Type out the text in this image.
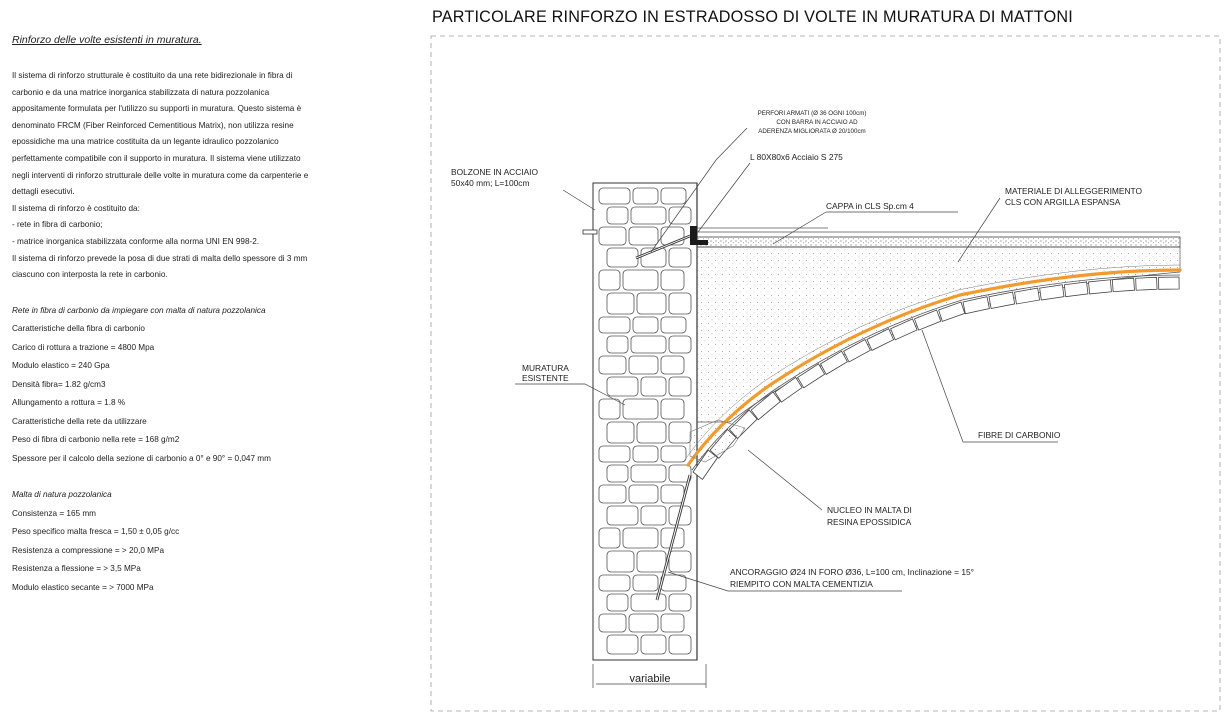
PARTICOLARE RINFORZO IN ESTRADOSSO DI VOLTE IN MURATURA DI MATTONI

Rinforzo delle volte esistenti in muratura.

Il sistema di rinforzo strutturale è costituito da una rete bidirezionale in fibra di

carbonio e da una matrice inorganica stabilizzata di natura pozzolanica

appositamente formulata per l'utilizzo su supporti in muratura. Questo sistema è

denominato FRCM (Fiber Reinforced Cementitious Matrix), non utilizza resine

epossidiche ma una matrice costituita da un legante idraulico pozzolanico

perfettamente compatibile con il supporto in muratura. Il sistema viene utilizzato

negli interventi di rinforzo strutturale delle volte in muratura come da carpenterie e

dettagli esecutivi.

Il sistema di rinforzo è costituito da:

- rete in fibra di carbonio;

- matrice inorganica stabilizzata conforme alla norma UNI EN 998-2.

Il sistema di rinforzo prevede la posa di due strati di malta dello spessore di 3 mm

ciascuno con interposta la rete in carbonio.

Rete in fibra di carbonio da impiegare con malta di natura pozzolanica

Caratteristiche della fibra di carbonio

Carico di rottura a trazione = 4800 Mpa

Modulo elastico = 240 Gpa

Densità fibra= 1.82 g/cm3

Allungamento a rottura = 1.8 %

Caratteristiche della rete da utilizzare

Peso di fibra di carbonio nella rete = 168 g/m2

Spessore per il calcolo della sezione di carbonio a 0° e 90° = 0,047 mm

Malta di natura pozzolanica

Consistenza = 165 mm

Peso specifico malta fresca = 1,50 ± 0,05 g/cc

Resistenza a compressione = > 20,0 MPa

Resistenza a flessione = > 3,5 MPa

Modulo elastico secante = > 7000 MPa

PERFORI ARMATI (Ø 36 OGNI 100cm)
CON BARRA IN ACCIAIO AD
ADERENZA MIGLIORATA Ø 20/100cm
L 80X80x6 Acciaio S 275
BOLZONE IN ACCIAIO
50x40 mm; L=100cm
MATERIALE DI ALLEGGERIMENTO
CLS CON ARGILLA ESPANSA
CAPPA in CLS Sp.cm 4
MURATURA
ESISTENTE
FIBRE DI CARBONIO
NUCLEO IN MALTA DI
RESINA EPOSSIDICA
ANCORAGGIO Ø24 IN FORO Ø36, L=100 cm, Inclinazione = 15°
RIEMPITO CON MALTA CEMENTIZIA
variabile
